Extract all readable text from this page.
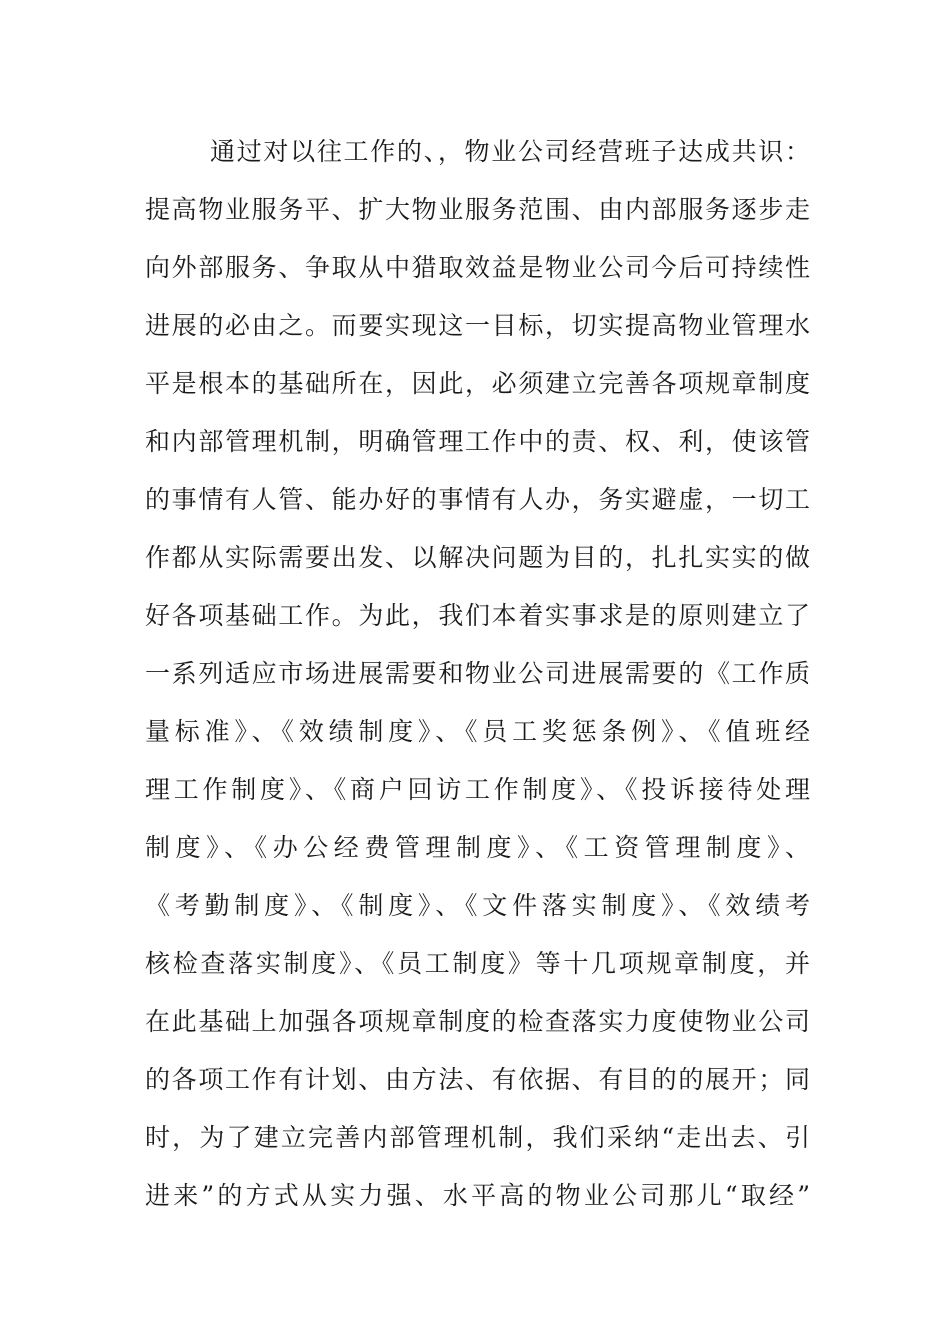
通过对以往工作的、，物业公司经营班子达成共识：
提高物业服务平、扩大物业服务范围、由内部服务逐步走
向外部服务、争取从中猎取效益是物业公司今后可持续性
进展的必由之。而要实现这一目标，切实提高物业管理水
平是根本的基础所在，因此，必须建立完善各项规章制度
和内部管理机制，明确管理工作中的责、权、利，使该管
的事情有人管、能办好的事情有人办，务实避虚，一切工
作都从实际需要出发、以解决问题为目的，扎扎实实的做
好各项基础工作。为此，我们本着实事求是的原则建立了
一系列适应市场进展需要和物业公司进展需要的《工作质
量标准》、《效绩制度》、《员工奖惩条例》、《值班经
理工作制度》、《商户回访工作制度》、《投诉接待处理
制度》、《办公经费管理制度》、《工资管理制度》、
《考勤制度》、《制度》、《文件落实制度》、《效绩考
核检查落实制度》、《员工制度》等十几项规章制度，并
在此基础上加强各项规章制度的检查落实力度使物业公司
的各项工作有计划、由方法、有依据、有目的的展开；同
时，为了建立完善内部管理机制，我们采纳“走出去、引
进来”的方式从实力强、水平高的物业公司那儿“取经”
